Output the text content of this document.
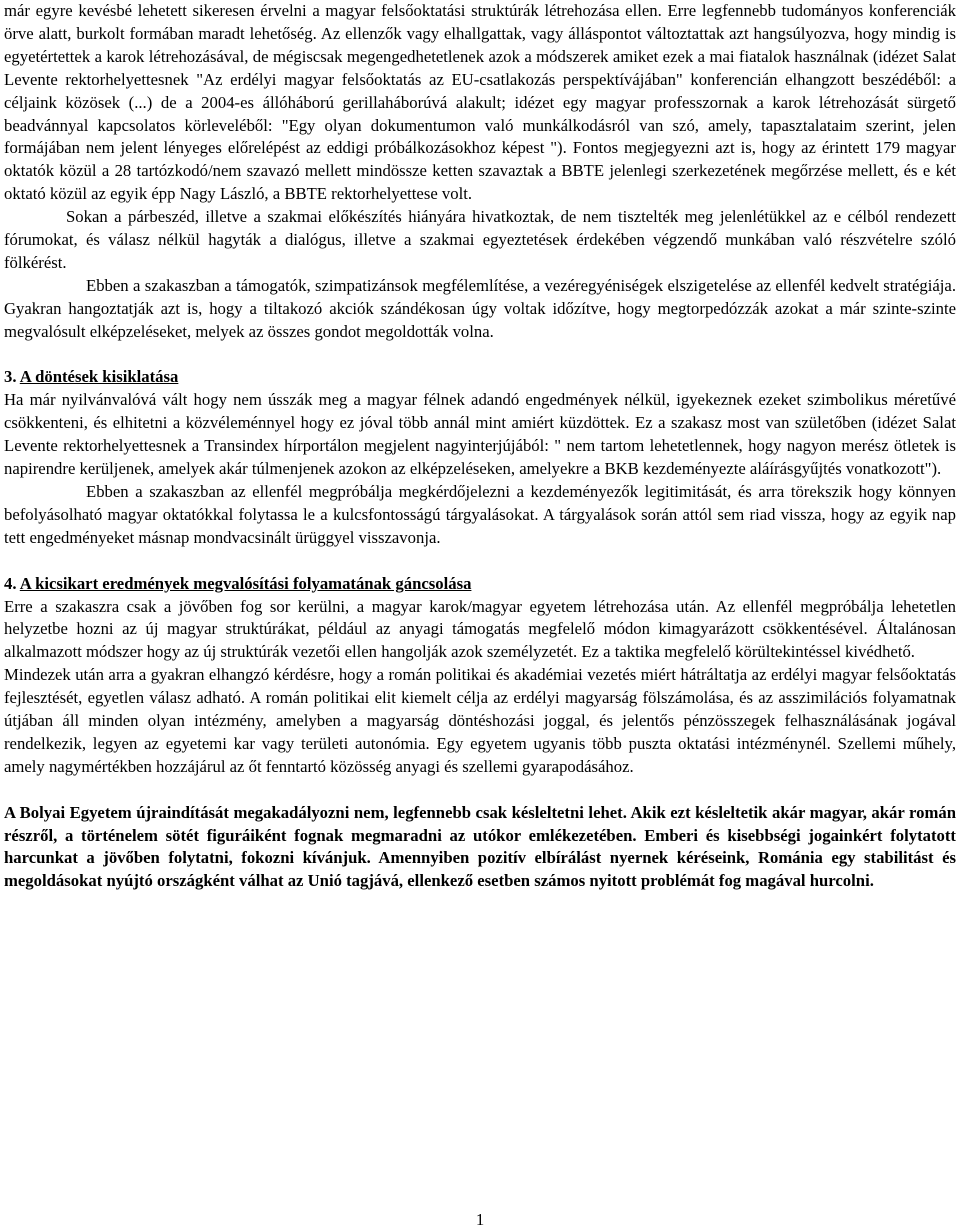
már egyre kevésbé lehetett sikeresen érvelni a magyar felsőoktatási struktúrák létrehozása ellen. Erre legfennebb tudományos konferenciák örve alatt, burkolt formában maradt lehetőség. Az ellenzők vagy elhallgattak, vagy álláspontot változtattak azt hangsúlyozva, hogy mindig is egyetértettek a karok létrehozásával, de mégiscsak megengedhetetlenek azok a módszerek amiket ezek a mai fiatalok használnak (idézet Salat Levente rektorhelyettesnek "Az erdélyi magyar felsőoktatás az EU-csatlakozás perspektívájában" konferencián elhangzott beszédéből: a céljaink közösek (...) de a 2004-es állóháború gerillaháborúvá alakult; idézet egy magyar professzornak a karok létrehozását sürgető beadvánnyal kapcsolatos körleveléből: "Egy olyan dokumentumon való munkálkodásról van szó, amely, tapasztalataim szerint, jelen formájában nem jelent lényeges előrelépést az eddigi próbálkozásokhoz képest "). Fontos megjegyezni azt is, hogy az érintett 179 magyar oktatók közül a 28 tartózkodó/nem szavazó mellett mindössze ketten szavaztak a BBTE jelenlegi szerkezetének megőrzése mellett, és e két oktató közül az egyik épp Nagy László, a BBTE rektorhelyettese volt.

Sokan a párbeszéd, illetve a szakmai előkészítés hiányára hivatkoztak, de nem tisztelték meg jelenlétükkel az e célból rendezett fórumokat, és válasz nélkül hagyták a dialógus, illetve a szakmai egyeztetések érdekében végzendő munkában való részvételre szóló fölkérést.

Ebben a szakaszban a támogatók, szimpatizánsok megfélemlítése, a vezéregyéniségek elszigetelése az ellenfél kedvelt stratégiája. Gyakran hangoztatják azt is, hogy a tiltakozó akciók szándékosan úgy voltak időzítve, hogy megtorpedózzák azokat a már szinte-szinte megvalósult elképzeléseket, melyek az összes gondot megoldották volna.

3. A döntések kisiklatása

Ha már nyilvánvalóvá vált hogy nem ússzák meg a magyar félnek adandó engedmények nélkül, igyekeznek ezeket szimbolikus méretűvé csökkenteni, és elhitetni a közvéleménnyel hogy ez jóval több annál mint amiért küzdöttek. Ez a szakasz most van születőben (idézet Salat Levente rektorhelyettesnek a Transindex hírportálon megjelent nagyinterjújából: " nem tartom lehetetlennek, hogy nagyon merész ötletek is napirendre kerüljenek, amelyek akár túlmenjenek azokon az elképzeléseken, amelyekre a BKB kezdeményezte aláírásgyűjtés vonatkozott").

Ebben a szakaszban az ellenfél megpróbálja megkérdőjelezni a kezdeményezők legitimitását, és arra törekszik hogy könnyen befolyásolható magyar oktatókkal folytassa le a kulcsfontosságú tárgyalásokat. A tárgyalások során attól sem riad vissza, hogy az egyik nap tett engedményeket másnap mondvacsinált ürüggyel visszavonja.

4. A kicsikart eredmények megvalósítási folyamatának gáncsolása

Erre a szakaszra csak a jövőben fog sor kerülni, a magyar karok/magyar egyetem létrehozása után. Az ellenfél megpróbálja lehetetlen helyzetbe hozni az új magyar struktúrákat, például az anyagi támogatás megfelelő módon kimagyarázott csökkentésével. Általánosan alkalmazott módszer hogy az új struktúrák vezetői ellen hangolják azok személyzetét. Ez a taktika megfelelő körültekintéssel kivédhető.

Mindezek után arra a gyakran elhangzó kérdésre, hogy a román politikai és akadémiai vezetés miért hátráltatja az erdélyi magyar felsőoktatás fejlesztését, egyetlen válasz adható. A román politikai elit kiemelt célja az erdélyi magyarság fölszámolása, és az asszimilációs folyamatnak útjában áll minden olyan intézmény, amelyben a magyarság döntéshozási joggal, és jelentős pénzösszegek felhasználásának jogával rendelkezik, legyen az egyetemi kar vagy területi autonómia. Egy egyetem ugyanis több puszta oktatási intézménynél. Szellemi műhely, amely nagymértékben hozzájárul az őt fenntartó közösség anyagi és szellemi gyarapodásához.

A Bolyai Egyetem újraindítását megakadályozni nem, legfennebb csak késleltetni lehet. Akik ezt késleltetik akár magyar, akár román részről, a történelem sötét figuráiként fognak megmaradni az utókor emlékezetében. Emberi és kisebbségi jogainkért folytatott harcunkat a jövőben folytatni, fokozni kívánjuk. Amennyiben pozitív elbírálást nyernek kéréseink, Románia egy stabilitást és megoldásokat nyújtó országként válhat az Unió tagjává, ellenkező esetben számos nyitott problémát fog magával hurcolni.

1
